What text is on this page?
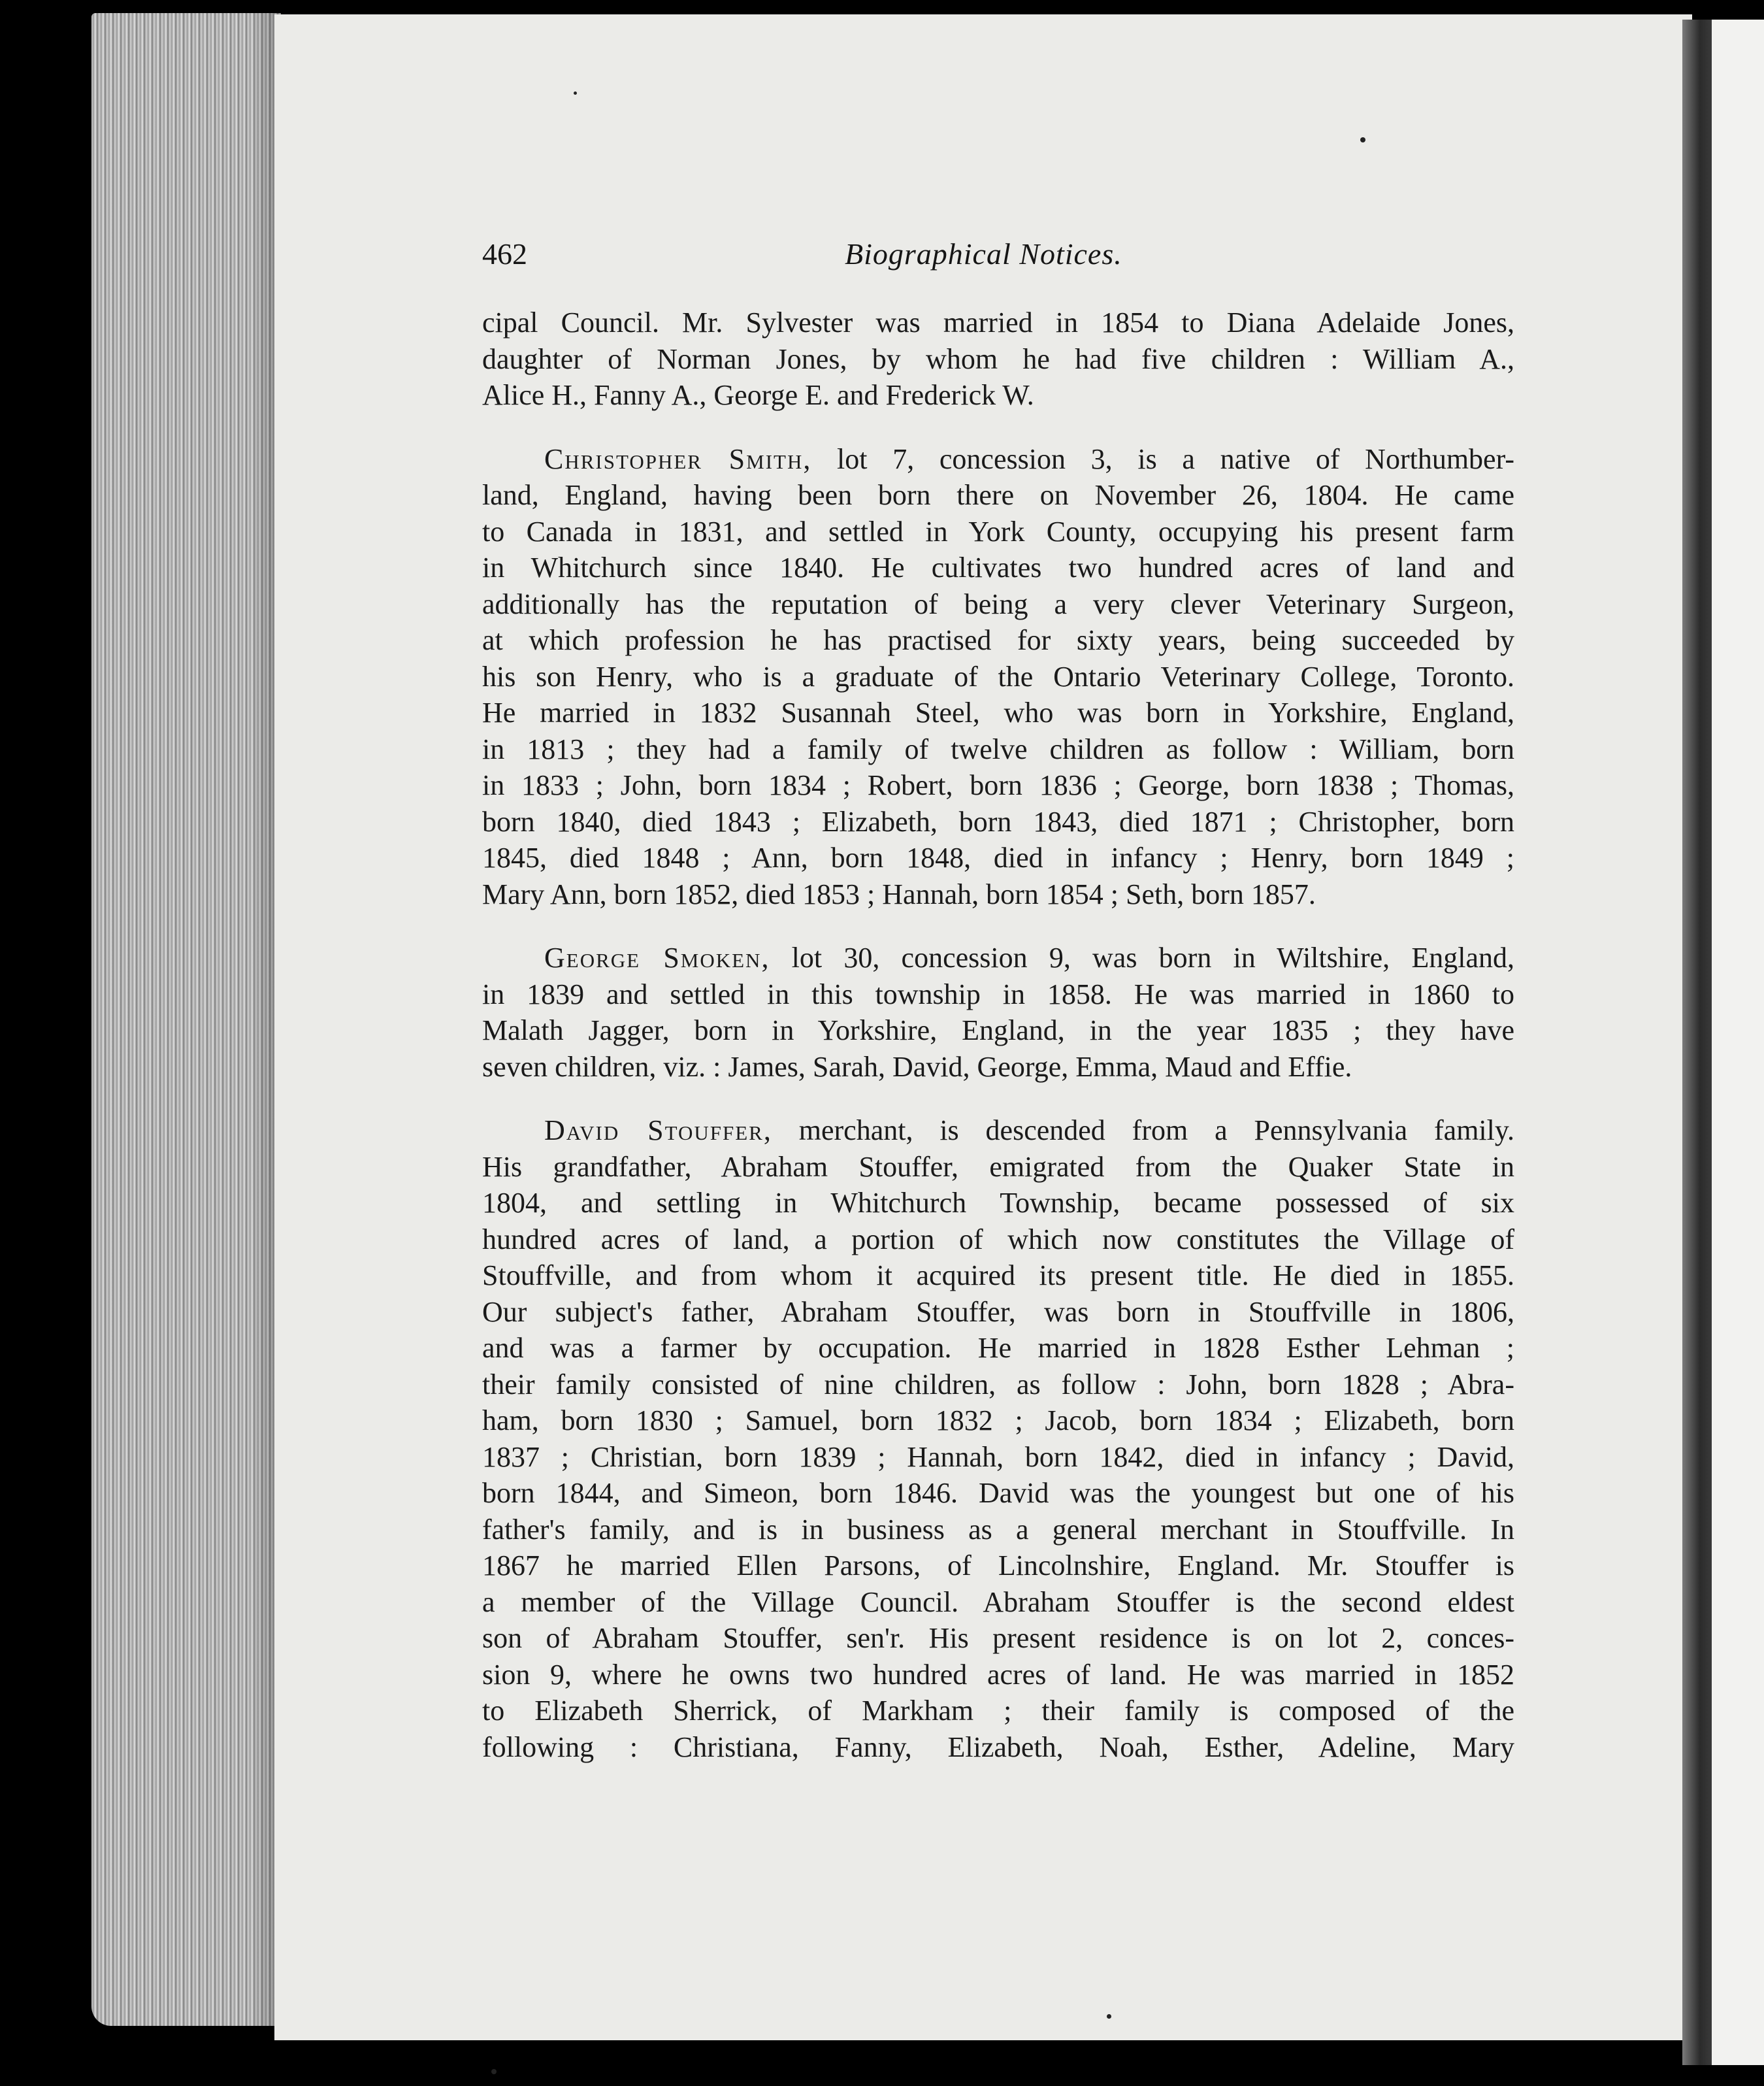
462	Biographical Notices.

cipal Council. Mr. Sylvester was married in 1854 to Diana Adelaide Jones,
daughter of Norman Jones, by whom he had five children : William A.,
Alice H., Fanny A., George E. and Frederick W.

Christopher Smith, lot 7, concession 3, is a native of Northumber-
land, England, having been born there on November 26, 1804. He came
to Canada in 1831, and settled in York County, occupying his present farm
in Whitchurch since 1840. He cultivates two hundred acres of land and
additionally has the reputation of being a very clever Veterinary Surgeon,
at which profession he has practised for sixty years, being succeeded by
his son Henry, who is a graduate of the Ontario Veterinary College, Toronto.
He married in 1832 Susannah Steel, who was born in Yorkshire, England,
in 1813 ; they had a family of twelve children as follow : William, born
in 1833 ; John, born 1834 ; Robert, born 1836 ; George, born 1838 ; Thomas,
born 1840, died 1843 ; Elizabeth, born 1843, died 1871 ; Christopher, born
1845, died 1848 ; Ann, born 1848, died in infancy ; Henry, born 1849 ;
Mary Ann, born 1852, died 1853 ; Hannah, born 1854 ; Seth, born 1857.

George Smoken, lot 30, concession 9, was born in Wiltshire, England,
in 1839 and settled in this township in 1858. He was married in 1860 to
Malath Jagger, born in Yorkshire, England, in the year 1835 ; they have
seven children, viz. : James, Sarah, David, George, Emma, Maud and Effie.

David Stouffer, merchant, is descended from a Pennsylvania family.
His grandfather, Abraham Stouffer, emigrated from the Quaker State in
1804, and settling in Whitchurch Township, became possessed of six
hundred acres of land, a portion of which now constitutes the Village of
Stouffville, and from whom it acquired its present title. He died in 1855.
Our subject's father, Abraham Stouffer, was born in Stouffville in 1806,
and was a farmer by occupation. He married in 1828 Esther Lehman ;
their family consisted of nine children, as follow : John, born 1828 ; Abra-
ham, born 1830 ; Samuel, born 1832 ; Jacob, born 1834 ; Elizabeth, born
1837 ; Christian, born 1839 ; Hannah, born 1842, died in infancy ; David,
born 1844, and Simeon, born 1846. David was the youngest but one of his
father's family, and is in business as a general merchant in Stouffville. In
1867 he married Ellen Parsons, of Lincolnshire, England. Mr. Stouffer is
a member of the Village Council. Abraham Stouffer is the second eldest
son of Abraham Stouffer, sen'r. His present residence is on lot 2, conces-
sion 9, where he owns two hundred acres of land. He was married in 1852
to Elizabeth Sherrick, of Markham ; their family is composed of the
following : Christiana, Fanny, Elizabeth, Noah, Esther, Adeline, Mary
